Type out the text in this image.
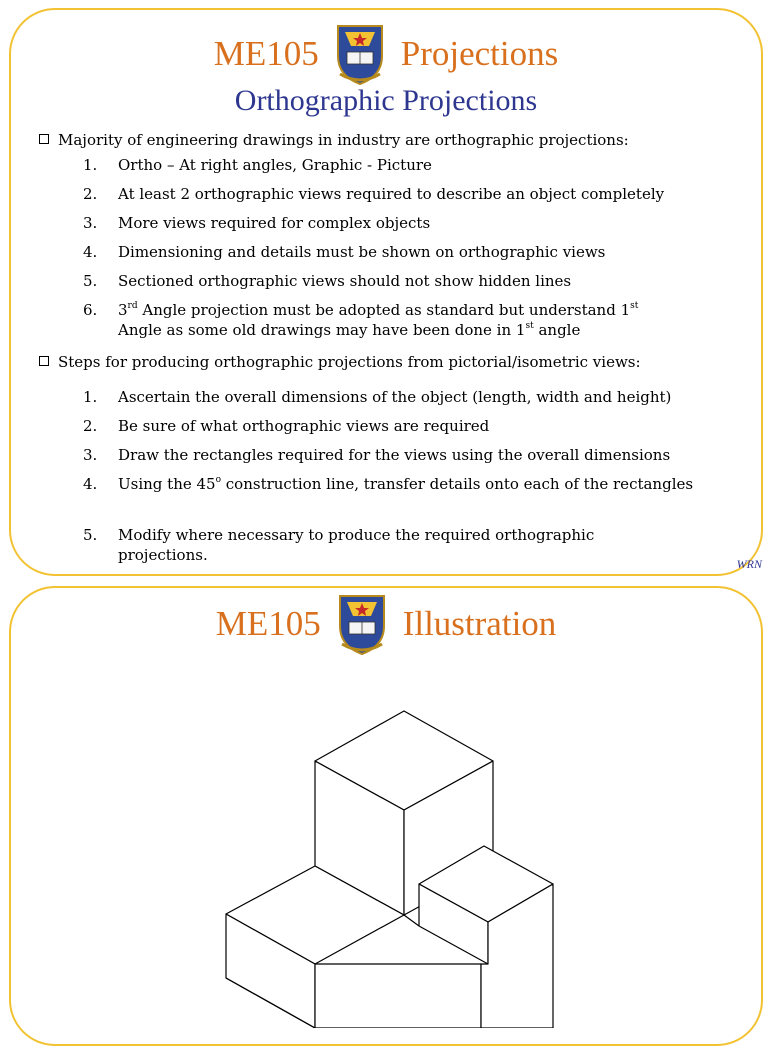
ME105 Projections
Orthographic Projections
Majority of engineering drawings in industry are orthographic projections:
1.	Ortho – At right angles, Graphic - Picture
2.	At least 2 orthographic views required to describe an object completely
3.	More views required for complex objects
4.	Dimensioning and details must be shown on orthographic views
5.	Sectioned orthographic views should not show hidden lines
6.	3rd Angle projection must be adopted as standard but understand 1st
Angle as some old drawings may have been done in 1st angle
Steps for producing orthographic projections from pictorial/isometric views:
1.	Ascertain the overall dimensions of the object (length, width and height)
2.	Be sure of what orthographic views are required
3.	Draw the rectangles required for the views using the overall dimensions
4.	Using the 45$^o$ construction line, transfer details onto each of the rectangles
5.	Modify where necessary to produce the required orthographic projections.	WRN
ME105 Illustration
